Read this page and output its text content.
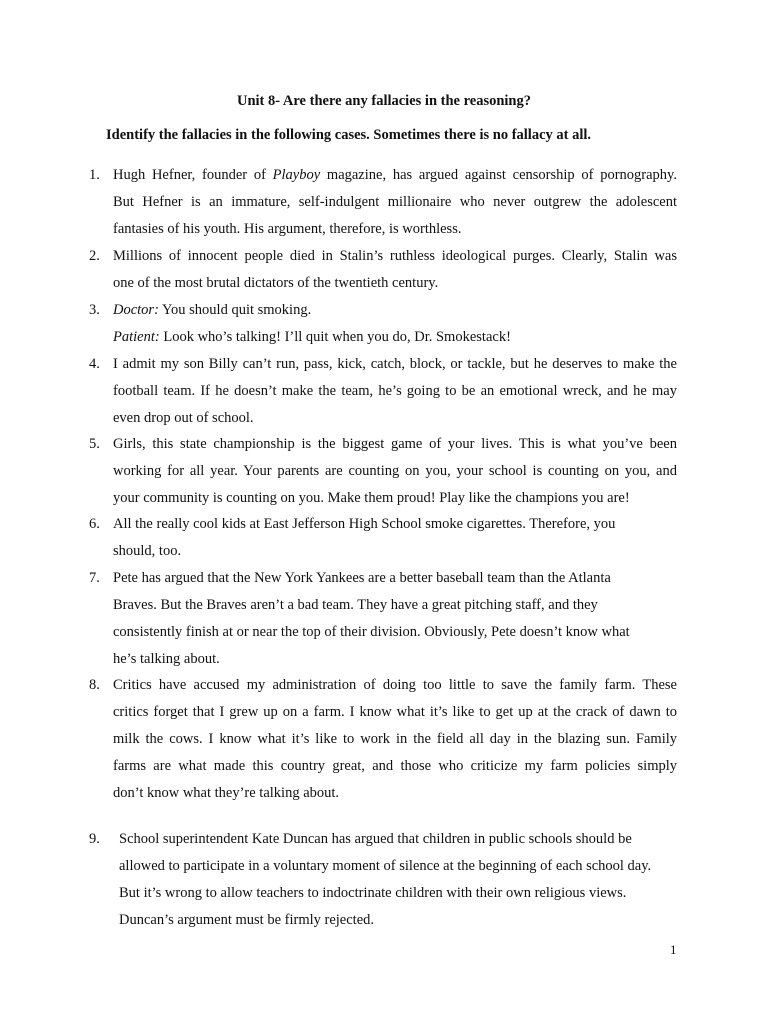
Unit 8- Are there any fallacies in the reasoning?
Identify the fallacies in the following cases. Sometimes there is no fallacy at all.
1. Hugh Hefner, founder of Playboy magazine, has argued against censorship of pornography.
But Hefner is an immature, self-indulgent millionaire who never outgrew the adolescent
fantasies of his youth. His argument, therefore, is worthless.
2. Millions of innocent people died in Stalin’s ruthless ideological purges. Clearly, Stalin was
one of the most brutal dictators of the twentieth century.
3. Doctor: You should quit smoking.
Patient: Look who’s talking! I’ll quit when you do, Dr. Smokestack!
4. I admit my son Billy can’t run, pass, kick, catch, block, or tackle, but he deserves to make the
football team. If he doesn’t make the team, he’s going to be an emotional wreck, and he may
even drop out of school.
5. Girls, this state championship is the biggest game of your lives. This is what you’ve been
working for all year. Your parents are counting on you, your school is counting on you, and
your community is counting on you. Make them proud! Play like the champions you are!
6. All the really cool kids at East Jefferson High School smoke cigarettes. Therefore, you
should, too.
7. Pete has argued that the New York Yankees are a better baseball team than the Atlanta
Braves. But the Braves aren’t a bad team. They have a great pitching staff, and they
consistently finish at or near the top of their division. Obviously, Pete doesn’t know what
he’s talking about.
8. Critics have accused my administration of doing too little to save the family farm. These
critics forget that I grew up on a farm. I know what it’s like to get up at the crack of dawn to
milk the cows. I know what it’s like to work in the field all day in the blazing sun. Family
farms are what made this country great, and those who criticize my farm policies simply
don’t know what they’re talking about.
9. School superintendent Kate Duncan has argued that children in public schools should be
allowed to participate in a voluntary moment of silence at the beginning of each school day.
But it’s wrong to allow teachers to indoctrinate children with their own religious views.
Duncan’s argument must be firmly rejected.
1
